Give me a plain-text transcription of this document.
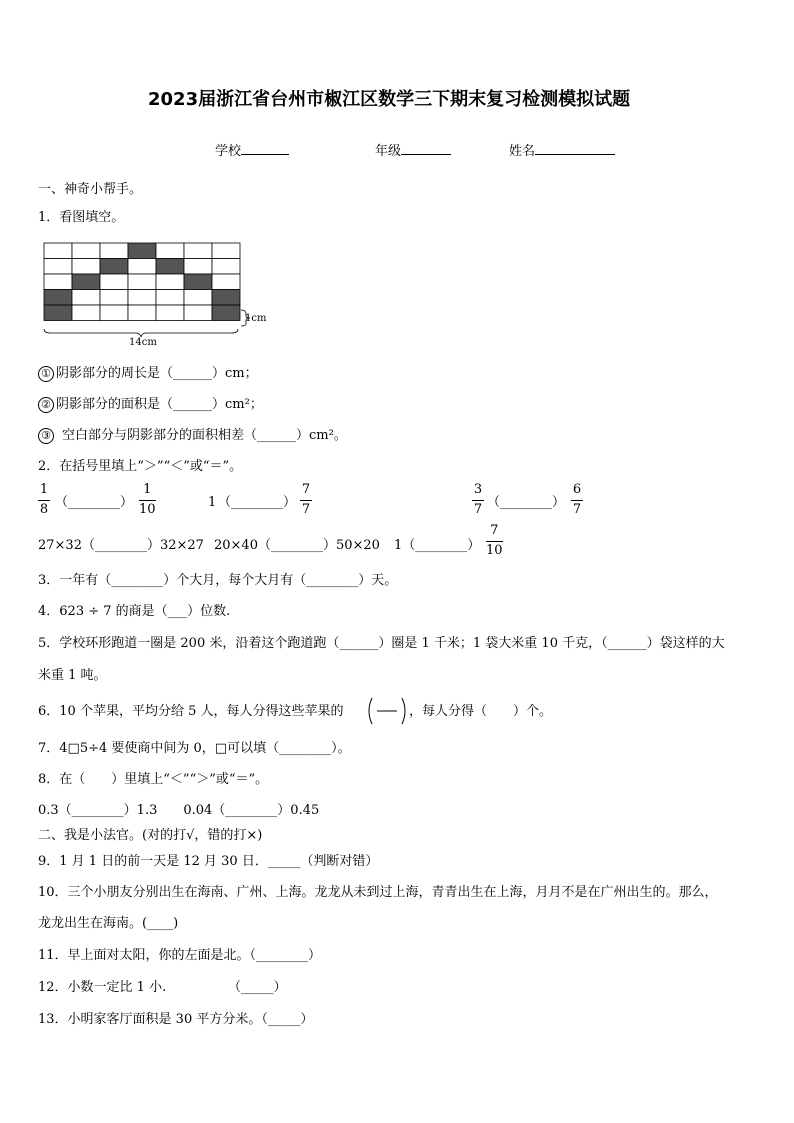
2023届浙江省台州市椒江区数学三下期末复习检测模拟试题
学校	年级	姓名
一、神奇小帮手。
1．看图填空。
1cm
14cm
① 阴影部分的周长是（______）cm；
② 阴影部分的面积是（______）cm²；
③ 空白部分与阴影部分的面积相差（______）cm²。
2．在括号里填上“＞”“＜”或“＝”。
1
8 （________）
1
10	1 （________）
7
7
3
7 （________）
6
7
27×32（________）32×27 20×40（________）50×20 1（________）
7
10
3．一年有（________）个大月，每个大月有（________）天。
4．623 ÷ 7 的商是（___）位数.
5．学校环形跑道一圈是 200 米，沿着这个跑道跑（______）圈是 1 千米；1 袋大米重 10 千克，（______）袋这样的大
米重 1 吨。
6．10 个苹果，平均分给 5 人，每人分得这些苹果的	，每人分得（　　）个。
7．4□5÷4 要使商中间为 0，□可以填（________）。
8．在（　　）里填上“＜”“＞”或“＝”。
0.3（________）1.3　　0.04（________）0.45
二、我是小法官。(对的打√，错的打×)
9．1 月 1 日的前一天是 12 月 30 日．_____（判断对错）
10．三个小朋友分别出生在海南、广州、上海。龙龙从未到过上海，青青出生在上海，月月不是在广州出生的。那么，
龙龙出生在海南。(____)
11．早上面对太阳，你的左面是北。（________）
12．小数一定比 1 小.	（_____）
13．小明家客厅面积是 30 平方分米。（_____）
